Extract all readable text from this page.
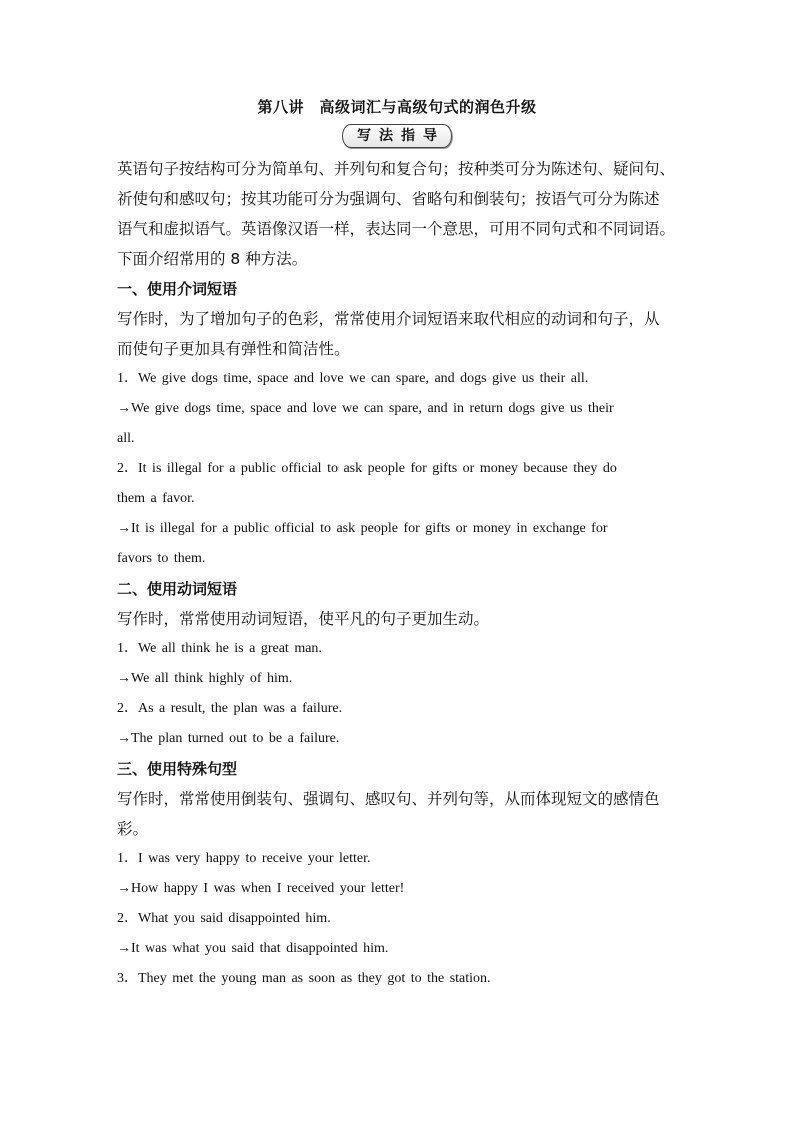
第八讲　高级词汇与高级句式的润色升级
写法指导

英语句子按结构可分为简单句、并列句和复合句；按种类可分为陈述句、疑问句、

祈使句和感叹句；按其功能可分为强调句、省略句和倒装句；按语气可分为陈述

语气和虚拟语气。英语像汉语一样，表达同一个意思，可用不同句式和不同词语。

下面介绍常用的 8 种方法。

一、使用介词短语

写作时，为了增加句子的色彩，常常使用介词短语来取代相应的动词和句子，从

而使句子更加具有弹性和简洁性。

1．We give dogs time, space and love we can spare, and dogs give us their all.

→We give dogs time, space and love we can spare, and in return dogs give us their

all.

2．It is illegal for a public official to ask people for gifts or money because they do

them a favor.

→It is illegal for a public official to ask people for gifts or money in exchange for

favors to them.

二、使用动词短语

写作时，常常使用动词短语，使平凡的句子更加生动。

1．We all think he is a great man.

→We all think highly of him.

2．As a result, the plan was a failure.

→The plan turned out to be a failure.

三、使用特殊句型

写作时，常常使用倒装句、强调句、感叹句、并列句等，从而体现短文的感情色

彩。

1．I was very happy to receive your letter.

→How happy I was when I received your letter!

2．What you said disappointed him.

→It was what you said that disappointed him.

3．They met the young man as soon as they got to the station.
